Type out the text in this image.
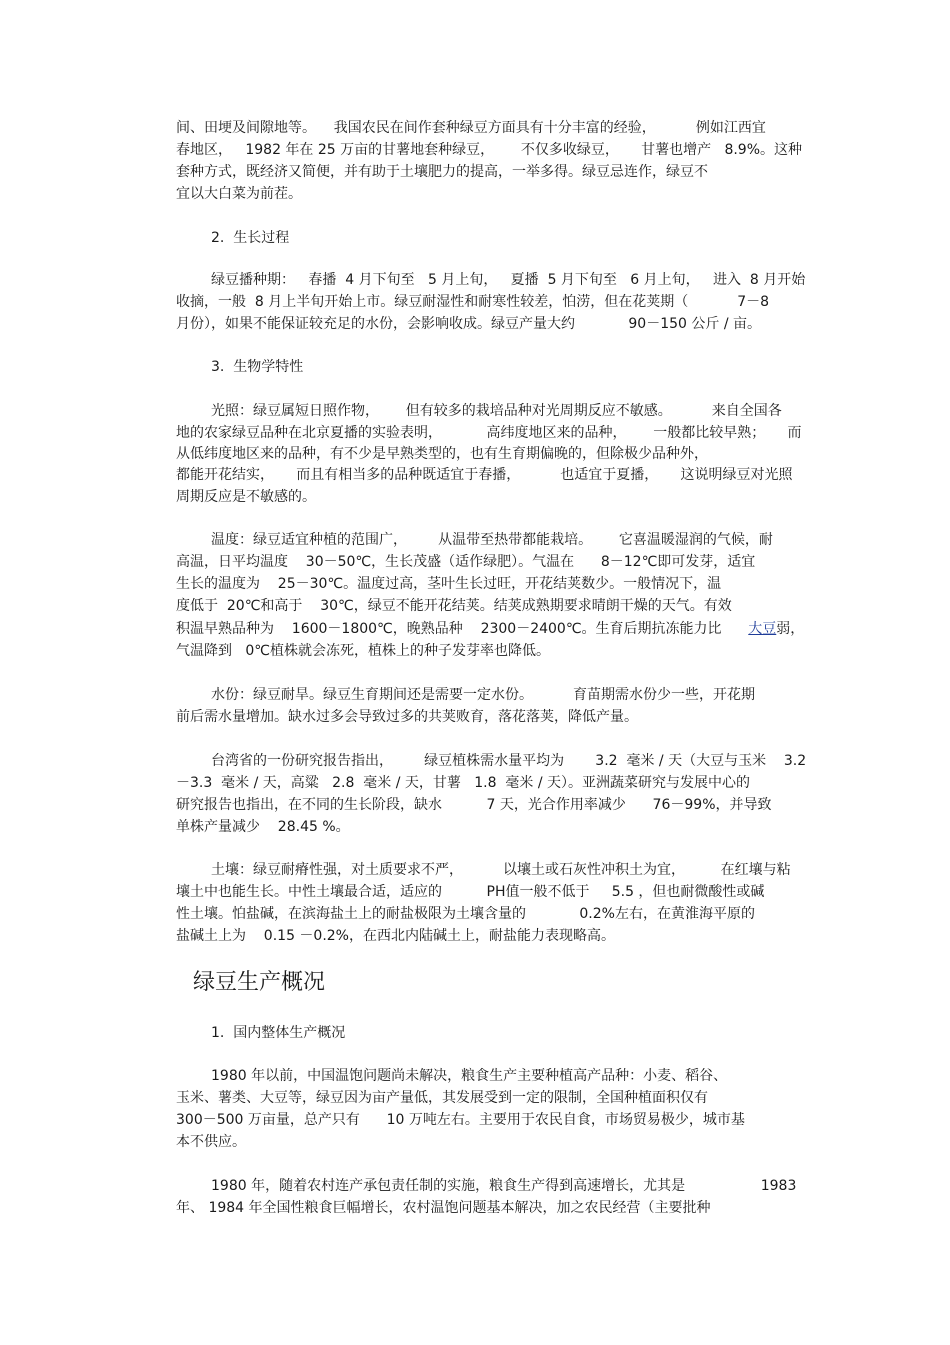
间、田埂及间隙地等。    我国农民在间作套种绿豆方面具有十分丰富的经验，         例如江西宜
春地区，   1982 年在 25 万亩的甘薯地套种绿豆，      不仅多收绿豆，     甘薯也增产   8.9%。这种
套种方式，既经济又简便，并有助于土壤肥力的提高，一举多得。绿豆忌连作，绿豆不
宜以大白菜为前茬。
2.  生长过程
绿豆播种期：   春播  4 月下旬至   5 月上旬，   夏播  5 月下旬至   6 月上旬，   进入  8 月开始
收摘，一般  8 月上半旬开始上市。绿豆耐湿性和耐寒性较差，怕涝，但在花荚期（           7－8
月份），如果不能保证较充足的水份，会影响收成。绿豆产量大约            90－150 公斤 / 亩。
3.  生物学特性
光照：绿豆属短日照作物，      但有较多的栽培品种对光周期反应不敏感。         来自全国各
地的农家绿豆品种在北京夏播的实验表明，          高纬度地区来的品种，      一般都比较早熟；     而
从低纬度地区来的品种，有不少是早熟类型的，也有生育期偏晚的，但除极少品种外，
都能开花结实，     而且有相当多的品种既适宜于春播，         也适宜于夏播，     这说明绿豆对光照
周期反应是不敏感的。
温度：绿豆适宜种植的范围广，       从温带至热带都能栽培。      它喜温暖湿润的气候，耐
高温，日平均温度    30－50℃，生长茂盛（适作绿肥）。气温在      8－12℃即可发芽，适宜
生长的温度为    25－30℃。温度过高，茎叶生长过旺，开花结荚数少。一般情况下，温
度低于  20℃和高于    30℃，绿豆不能开花结荚。结荚成熟期要求晴朗干燥的天气。有效
积温早熟品种为    1600－1800℃，晚熟品种    2300－2400℃。生育后期抗冻能力比      大豆弱，
气温降到   0℃植株就会冻死，植株上的种子发芽率也降低。
水份：绿豆耐旱。绿豆生育期间还是需要一定水份。         育苗期需水份少一些，开花期
前后需水量增加。缺水过多会导致过多的共荚败育，落花落荚，降低产量。
台湾省的一份研究报告指出，       绿豆植株需水量平均为       3.2  毫米 / 天（大豆与玉米    3.2
－3.3  毫米 / 天，高粱   2.8  毫米 / 天，甘薯   1.8  毫米 / 天）。亚洲蔬菜研究与发展中心的
研究报告也指出，在不同的生长阶段，缺水          7 天，光合作用率减少      76－99%，并导致
单株产量减少    28.45 %。
土壤：绿豆耐瘠性强，对土质要求不严，         以壤土或石灰性冲积土为宜，        在红壤与粘
壤土中也能生长。中性土壤最合适，适应的          PH值一般不低于     5.5 ，但也耐微酸性或碱
性土壤。怕盐碱，在滨海盐土上的耐盐极限为土壤含量的            0.2%左右，在黄淮海平原的
盐碱土上为    0.15 －0.2%，在西北内陆碱土上，耐盐能力表现略高。
绿豆生产概况
1.  国内整体生产概况
1980 年以前，中国温饱问题尚未解决，粮食生产主要种植高产品种：小麦、稻谷、
玉米、薯类、大豆等，绿豆因为亩产量低，其发展受到一定的限制，全国种植面积仅有
300－500 万亩量，总产只有      10 万吨左右。主要用于农民自食，市场贸易极少，城市基
本不供应。
1980 年，随着农村连产承包责任制的实施，粮食生产得到高速增长，尤其是                 1983
年、 1984 年全国性粮食巨幅增长，农村温饱问题基本解决，加之农民经营（主要批种
